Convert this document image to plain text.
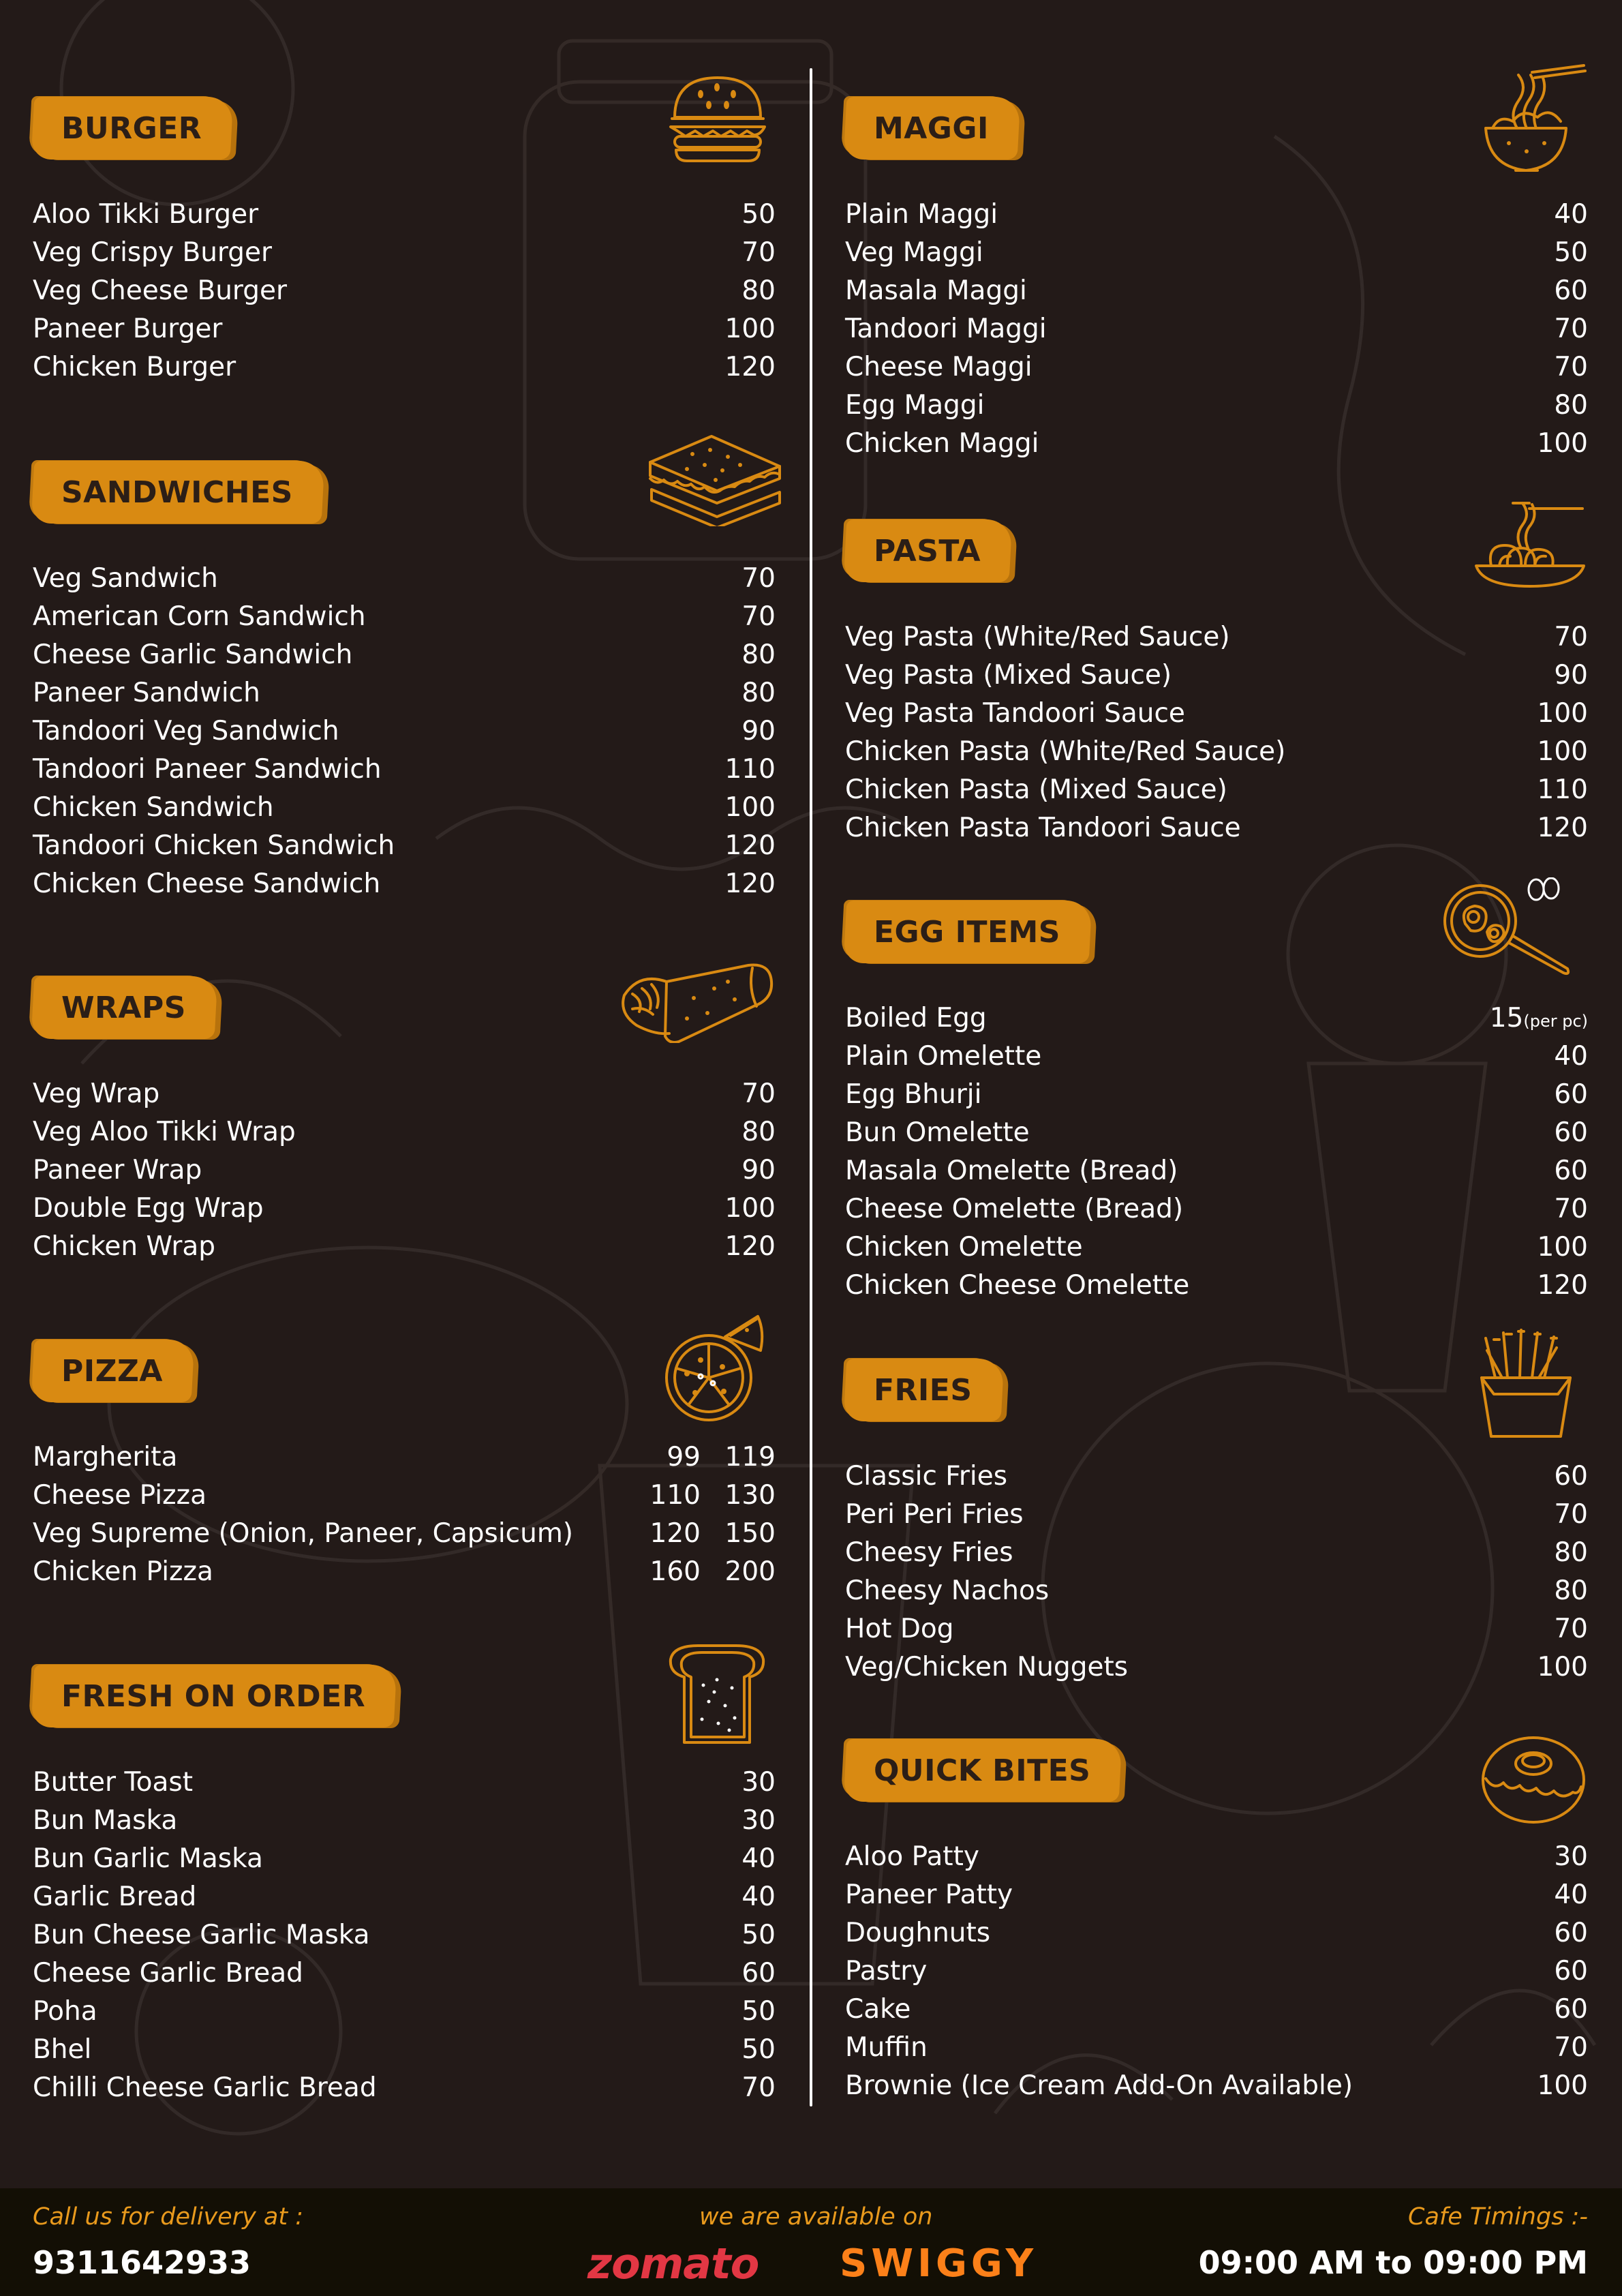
BURGER
Aloo Tikki Burger	50
Veg Crispy Burger	70
Veg Cheese Burger	80
Paneer Burger	100
Chicken Burger	120
SANDWICHES
Veg Sandwich	70
American Corn Sandwich	70
Cheese Garlic Sandwich	80
Paneer Sandwich	80
Tandoori Veg Sandwich	90
Tandoori Paneer Sandwich	110
Chicken Sandwich	100
Tandoori Chicken Sandwich	120
Chicken Cheese Sandwich	120
WRAPS
Veg Wrap	70
Veg Aloo Tikki Wrap	80
Paneer Wrap	90
Double Egg Wrap	100
Chicken Wrap	120
PIZZA
Margherita	99 119
Cheese Pizza	110 130
Veg Supreme (Onion, Paneer, Capsicum)	120 150
Chicken Pizza	160 200
FRESH ON ORDER
Butter Toast	30
Bun Maska	30
Bun Garlic Maska	40
Garlic Bread	40
Bun Cheese Garlic Maska	50
Cheese Garlic Bread	60
Poha	50
Bhel	50
Chilli Cheese Garlic Bread	70
MAGGI
Plain Maggi	40
Veg Maggi	50
Masala Maggi	60
Tandoori Maggi	70
Cheese Maggi	70
Egg Maggi	80
Chicken Maggi	100
PASTA
Veg Pasta (White/Red Sauce)	70
Veg Pasta (Mixed Sauce)	90
Veg Pasta Tandoori Sauce	100
Chicken Pasta (White/Red Sauce)	100
Chicken Pasta (Mixed Sauce)	110
Chicken Pasta Tandoori Sauce	120
EGG ITEMS
Boiled Egg	15(per pc)
Plain Omelette	40
Egg Bhurji	60
Bun Omelette	60
Masala Omelette (Bread)	60
Cheese Omelette (Bread)	70
Chicken Omelette	100
Chicken Cheese Omelette	120
FRIES
Classic Fries	60
Peri Peri Fries	70
Cheesy Fries	80
Cheesy Nachos	80
Hot Dog	70
Veg/Chicken Nuggets	100
QUICK BITES
Aloo Patty	30
Paneer Patty	40
Doughnuts	60
Pastry	60
Cake	60
Muffin	70
Brownie (Ice Cream Add-On Available)	100
Call us for delivery at :
9311642933
we are available on
zomato SWIGGY
Cafe Timings :-
09:00 AM to 09:00 PM
